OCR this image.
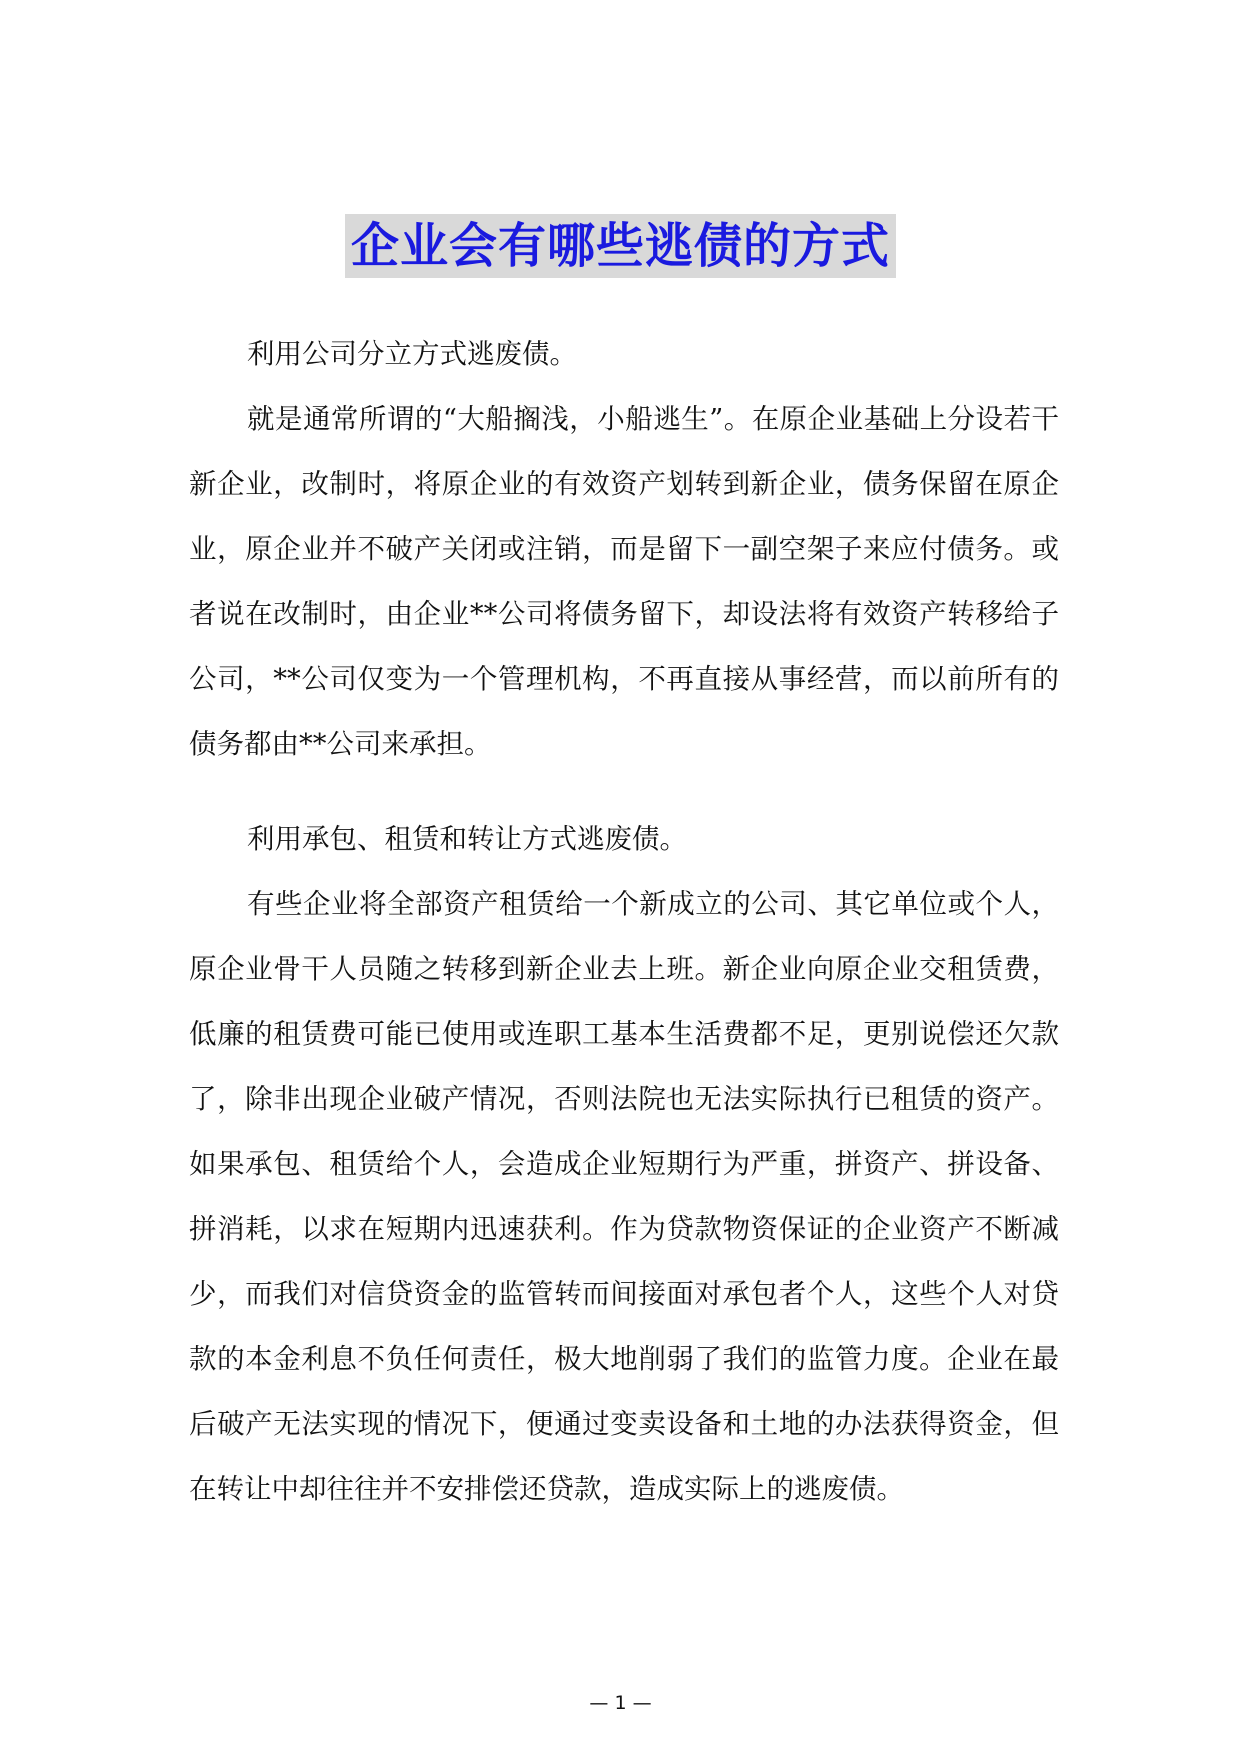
企业会有哪些逃债的方式

利用公司分立方式逃废债。

就是通常所谓的“大船搁浅，小船逃生”。在原企业基础上分设若干新企业，改制时，将原企业的有效资产划转到新企业，债务保留在原企业，原企业并不破产关闭或注销，而是留下一副空架子来应付债务。或者说在改制时，由企业**公司将债务留下，却设法将有效资产转移给子公司，**公司仅变为一个管理机构，不再直接从事经营，而以前所有的债务都由**公司来承担。

利用承包、租赁和转让方式逃废债。

有些企业将全部资产租赁给一个新成立的公司、其它单位或个人，原企业骨干人员随之转移到新企业去上班。新企业向原企业交租赁费，低廉的租赁费可能已使用或连职工基本生活费都不足，更别说偿还欠款了，除非出现企业破产情况，否则法院也无法实际执行已租赁的资产。如果承包、租赁给个人，会造成企业短期行为严重，拼资产、拼设备、拼消耗，以求在短期内迅速获利。作为贷款物资保证的企业资产不断减少，而我们对信贷资金的监管转而间接面对承包者个人，这些个人对贷款的本金利息不负任何责任，极大地削弱了我们的监管力度。企业在最后破产无法实现的情况下，便通过变卖设备和土地的办法获得资金，但在转让中却往往并不安排偿还贷款，造成实际上的逃废债。

— 1 —
